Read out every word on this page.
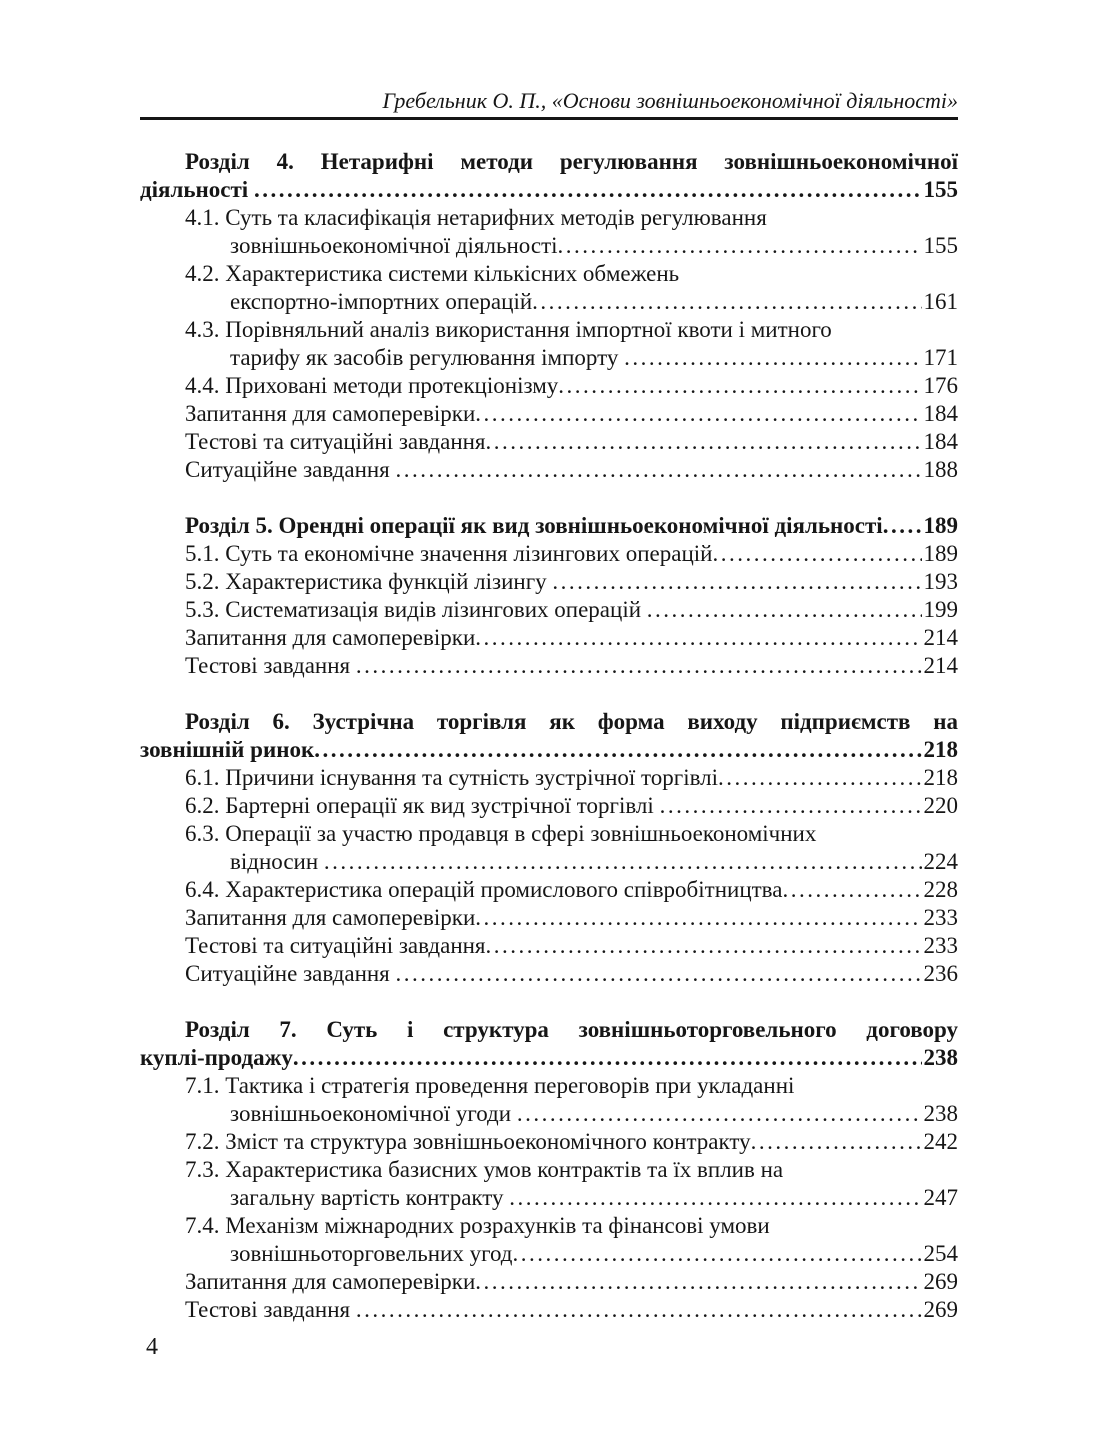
Гребельник О. П., «Основи зовнішньоекономічної діяльності»
Розділ 4. Нетарифні методи регулювання зовнішньоекономічної
діяльності .....	155
4.1. Суть та класифікація нетарифних методів регулювання
зовнішньоекономічної діяльності .....	155
4.2. Характеристика системи кількісних обмежень
експортно-імпортних операцій .....	161
4.3. Порівняльний аналіз використання імпортної квоти і митного
тарифу як засобів регулювання імпорту .....	171
4.4. Приховані методи протекціонізму .....	176
Запитання для самоперевірки .....	184
Тестові та ситуаційні завдання .....	184
Ситуаційне завдання .....	188
Розділ 5. Орендні операції як вид зовнішньоекономічної діяльності ..... 189
5.1. Суть та економічне значення лізингових операцій .....	189
5.2. Характеристика функцій лізингу .....	193
5.3. Систематизація видів лізингових операцій .....	199
Запитання для самоперевірки .....	214
Тестові завдання .....	214
Розділ 6. Зустрічна торгівля як форма виходу підприємств на
зовнішній ринок .....	218
6.1. Причини існування та сутність зустрічної торгівлі .....	218
6.2. Бартерні операції як вид зустрічної торгівлі .....	220
6.3. Операції за участю продавця в сфері зовнішньоекономічних
відносин .....	224
6.4. Характеристика операцій промислового співробітництва .....	228
Запитання для самоперевірки .....	233
Тестові та ситуаційні завдання .....	233
Ситуаційне завдання .....	236
Розділ 7. Суть і структура зовнішньоторговельного договору
куплі-продажу .....	238
7.1. Тактика і стратегія проведення переговорів при укладанні
зовнішньоекономічної угоди .....	238
7.2. Зміст та структура зовнішньоекономічного контракту .....	242
7.3. Характеристика базисних умов контрактів та їх вплив на
загальну вартість контракту .....	247
7.4. Механізм міжнародних розрахунків та фінансові умови
зовнішньоторговельних угод .....	254
Запитання для самоперевірки .....	269
Тестові завдання .....	269
4
